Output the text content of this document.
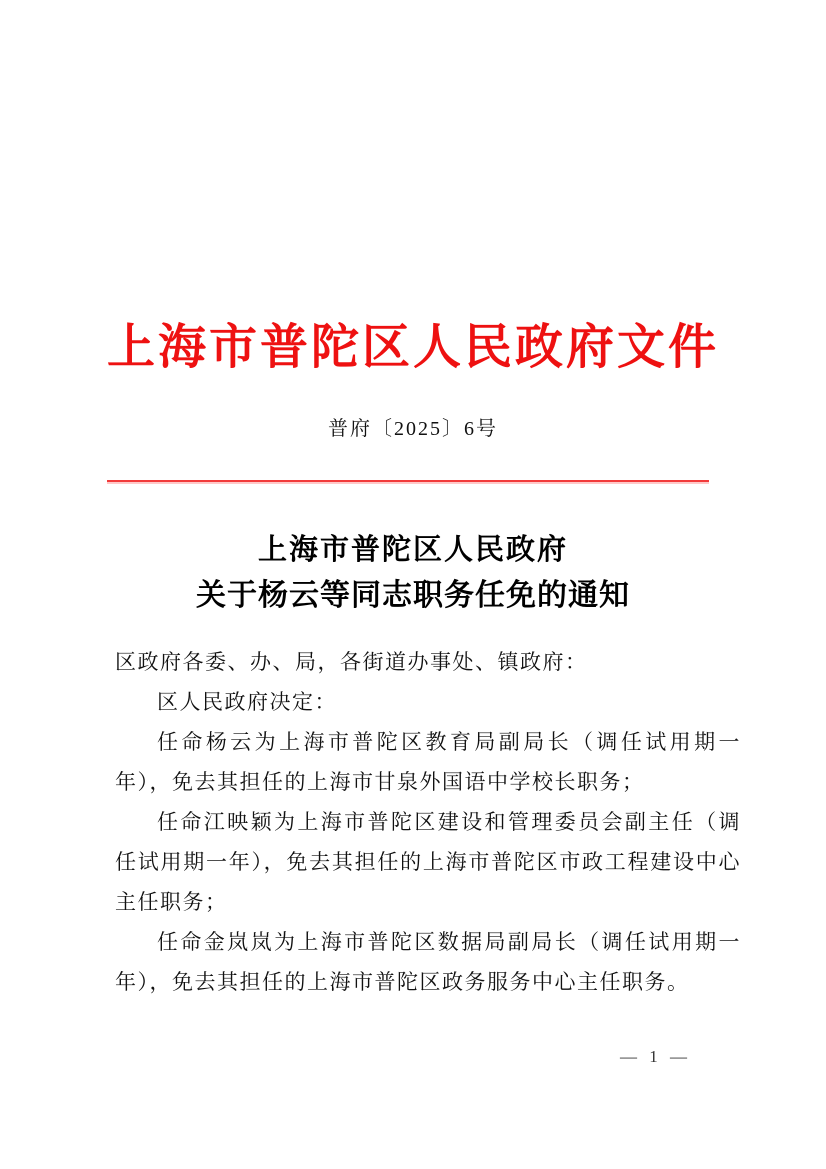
上海市普陀区人民政府文件
普府〔2025〕6号
上海市普陀区人民政府
关于杨云等同志职务任免的通知

区政府各委、办、局，各街道办事处、镇政府：

区人民政府决定：

任命杨云为上海市普陀区教育局副局长（调任试用期一年），免去其担任的上海市甘泉外国语中学校长职务；

任命江映颖为上海市普陀区建设和管理委员会副主任（调任试用期一年），免去其担任的上海市普陀区市政工程建设中心主任职务；

任命金岚岚为上海市普陀区数据局副局长（调任试用期一年），免去其担任的上海市普陀区政务服务中心主任职务。

— 1 —
